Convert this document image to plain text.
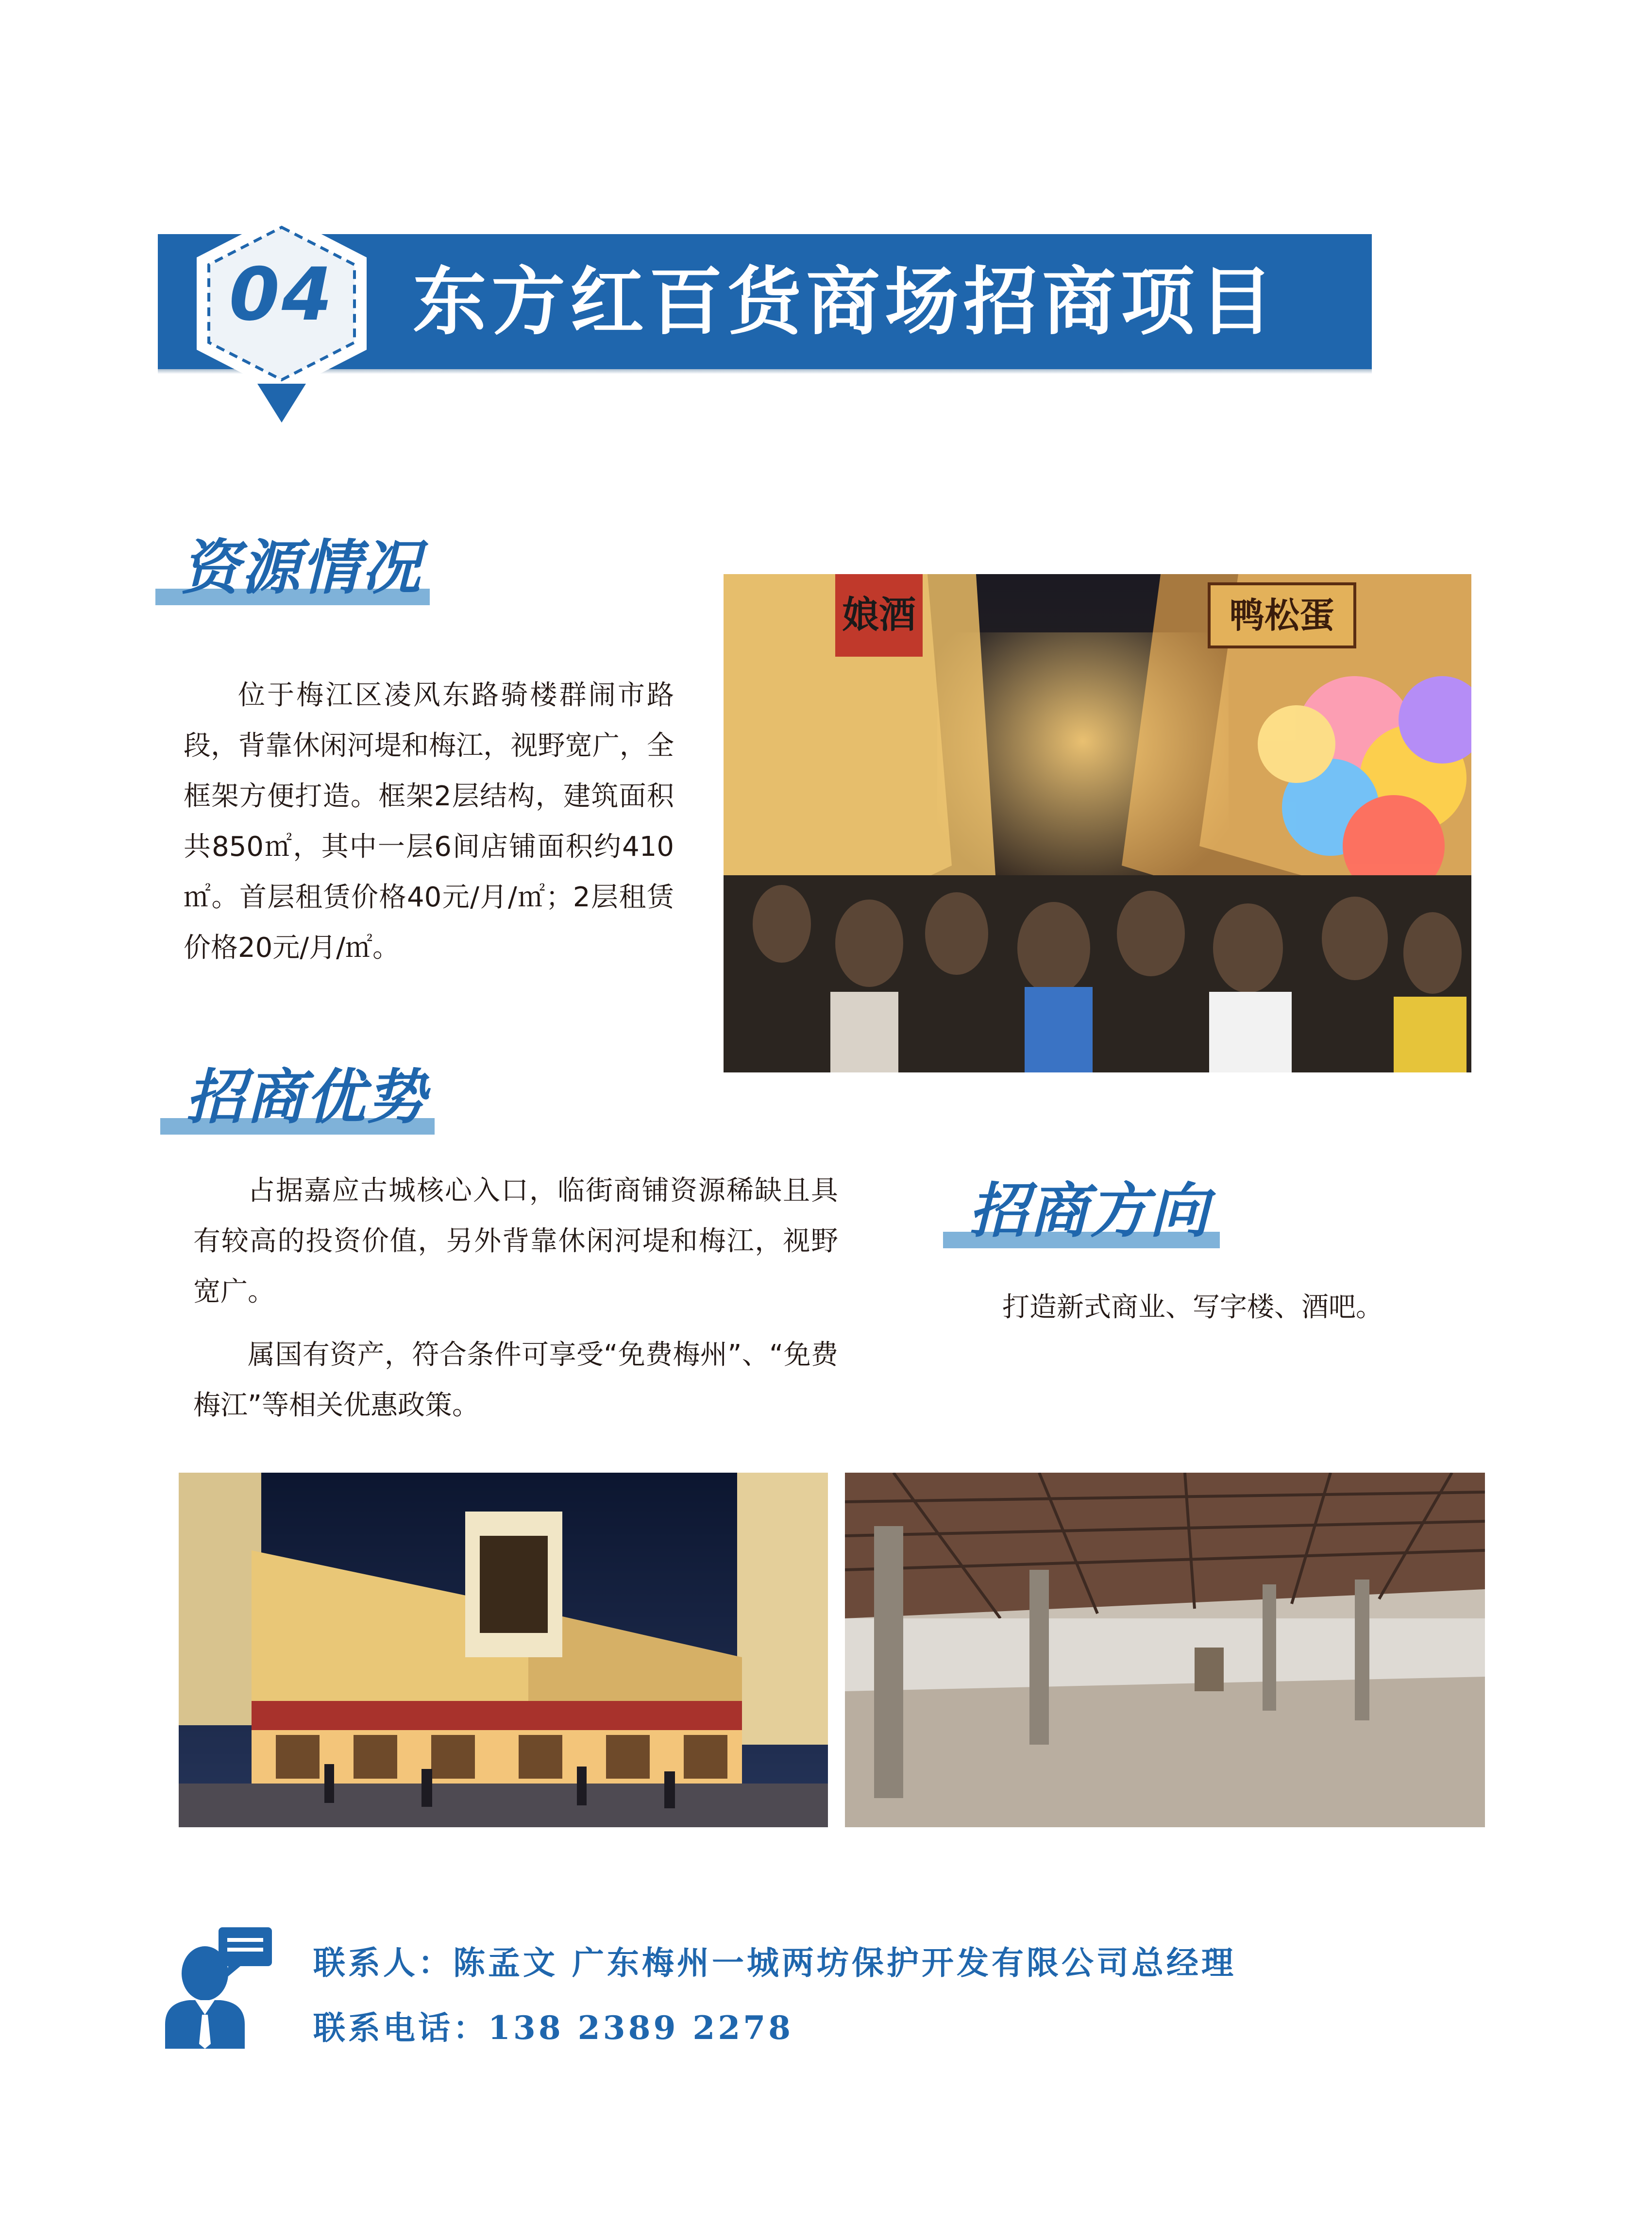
04	东方红百货商场招商项目
资源情况

位于梅江区凌风东路骑楼群闹市路段，背靠休闲河堤和梅江，视野宽广，全框架方便打造。框架2层结构，建筑面积共850㎡，其中一层6间店铺面积约410㎡。首层租赁价格40元/月/㎡；2层租赁价格20元/月/㎡。

娘酒	鸭松蛋
招商优势

占据嘉应古城核心入口，临街商铺资源稀缺且具有较高的投资价值，另外背靠休闲河堤和梅江，视野宽广。

属国有资产，符合条件可享受“免费梅州”、“免费梅江”等相关优惠政策。

招商方向

打造新式商业、写字楼、酒吧。

联系人：陈孟文 广东梅州一城两坊保护开发有限公司总经理
联系电话：138 2389 2278
